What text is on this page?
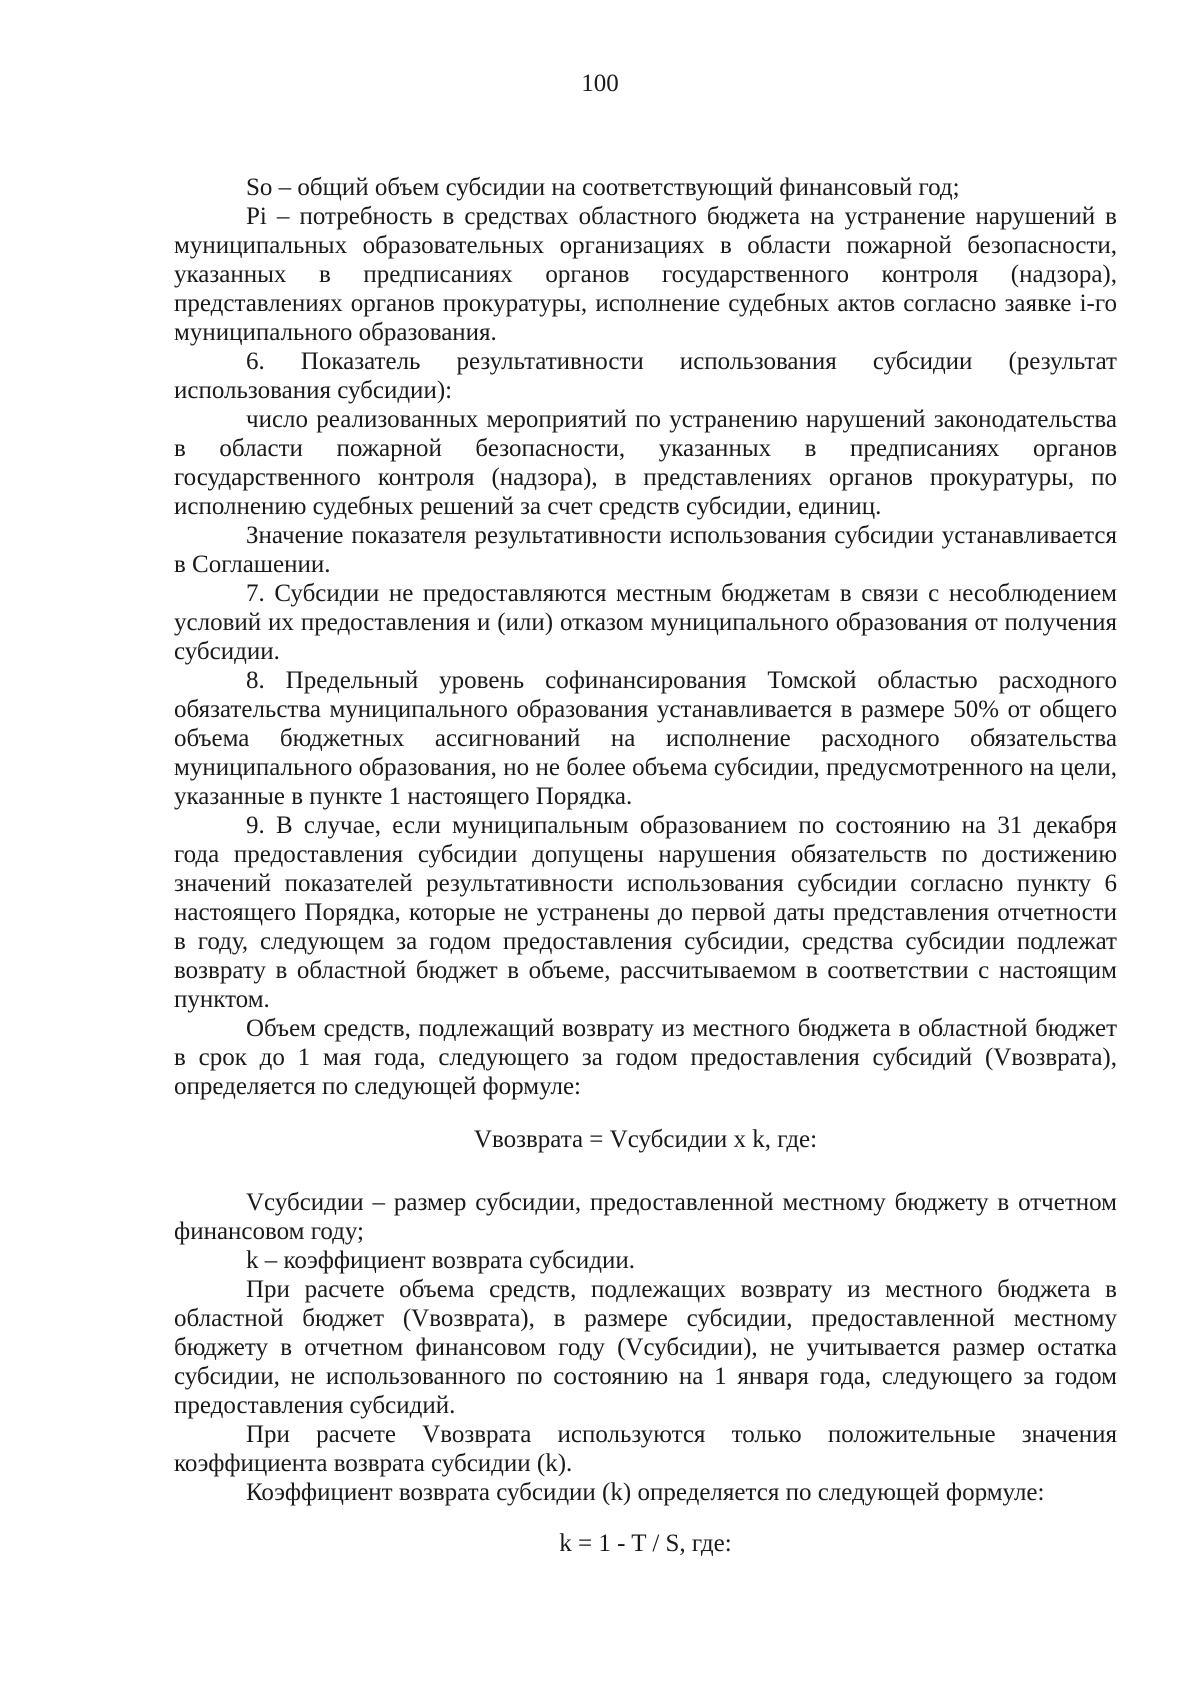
100

So – общий объем субсидии на соответствующий финансовый год;

Pi – потребность в средствах областного бюджета на устранение нарушений в муниципальных образовательных организациях в области пожарной безопасности, указанных в предписаниях органов государственного контроля (надзора), представлениях органов прокуратуры, исполнение судебных актов согласно заявке i-го муниципального образования.

6. Показатель результативности использования субсидии (результат использования субсидии):

число реализованных мероприятий по устранению нарушений законодательства в области пожарной безопасности, указанных в предписаниях органов государственного контроля (надзора), в представлениях органов прокуратуры, по исполнению судебных решений за счет средств субсидии, единиц.

Значение показателя результативности использования субсидии устанавливается в Соглашении.

7. Субсидии не предоставляются местным бюджетам в связи с несоблюдением условий их предоставления и (или) отказом муниципального образования от получения субсидии.

8. Предельный уровень софинансирования Томской областью расходного обязательства муниципального образования устанавливается в размере 50% от общего объема бюджетных ассигнований на исполнение расходного обязательства муниципального образования, но не более объема субсидии, предусмотренного на цели, указанные в пункте 1 настоящего Порядка.

9. В случае, если муниципальным образованием по состоянию на 31 декабря года предоставления субсидии допущены нарушения обязательств по достижению значений показателей результативности использования субсидии согласно пункту 6 настоящего Порядка, которые не устранены до первой даты представления отчетности в году, следующем за годом предоставления субсидии, средства субсидии подлежат возврату в областной бюджет в объеме, рассчитываемом в соответствии с настоящим пунктом.

Объем средств, подлежащий возврату из местного бюджета в областной бюджет в срок до 1 мая года, следующего за годом предоставления субсидий (Vвозврата), определяется по следующей формуле:

Vвозврата = Vсубсидии x k, где:

Vсубсидии – размер субсидии, предоставленной местному бюджету в отчетном финансовом году;

k – коэффициент возврата субсидии.

При расчете объема средств, подлежащих возврату из местного бюджета в областной бюджет (Vвозврата), в размере субсидии, предоставленной местному бюджету в отчетном финансовом году (Vсубсидии), не учитывается размер остатка субсидии, не использованного по состоянию на 1 января года, следующего за годом предоставления субсидий.

При расчете Vвозврата используются только положительные значения коэффициента возврата субсидии (k).

Коэффициент возврата субсидии (k) определяется по следующей формуле:

k = 1 - T / S, где:
